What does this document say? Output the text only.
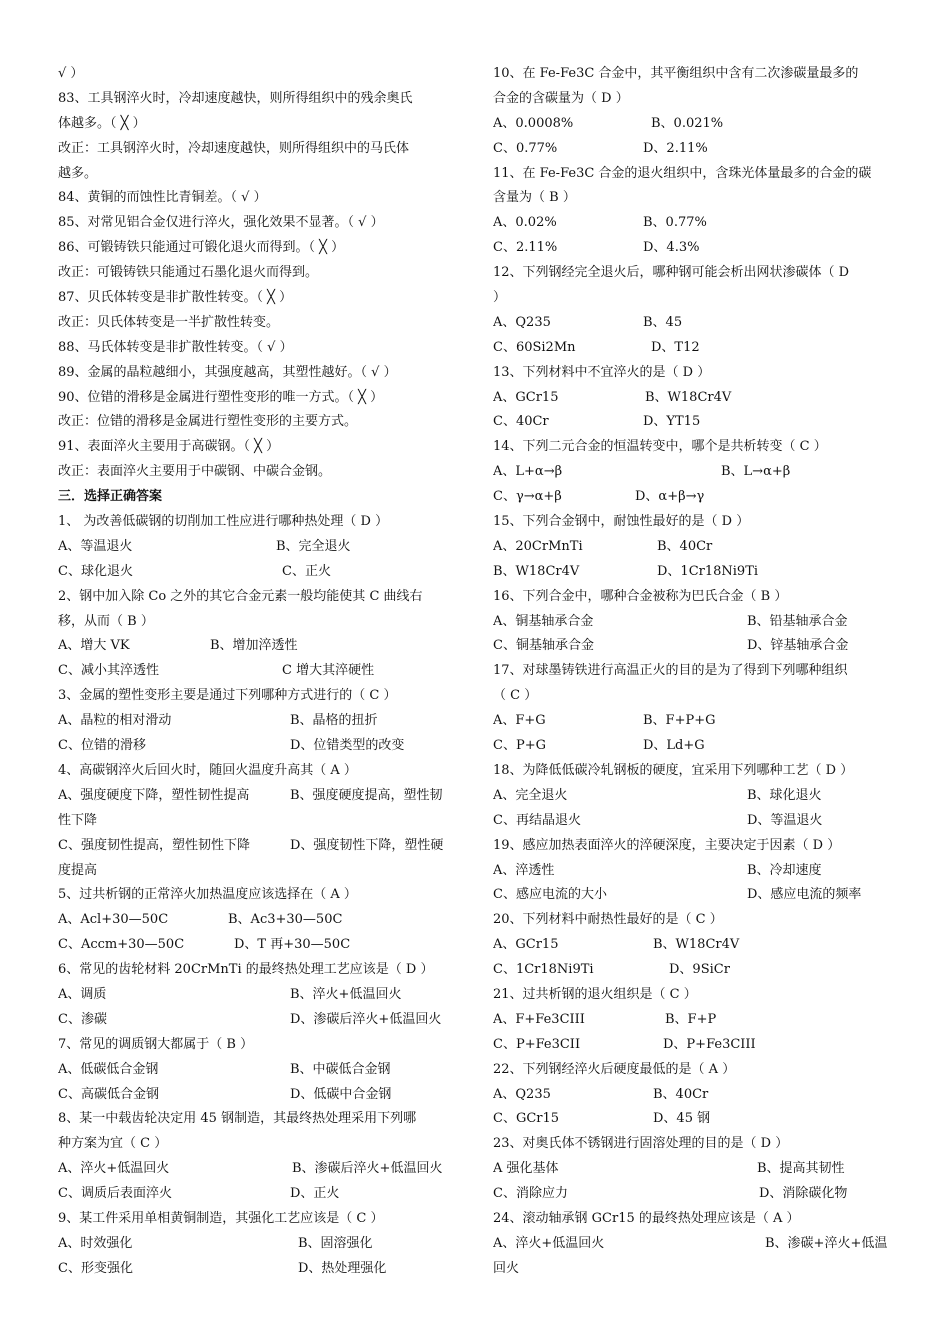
√ ）
83、工具钢淬火时，冷却速度越快，则所得组织中的残余奥氏
体越多。（ ╳ ）
改正：工具钢淬火时，冷却速度越快，则所得组织中的马氏体
越多。
84、黄铜的而蚀性比青铜差。（ √ ）
85、对常见铝合金仅进行淬火，强化效果不显著。（ √ ）
86、可锻铸铁只能通过可锻化退火而得到。（ ╳ ）
改正：可锻铸铁只能通过石墨化退火而得到。
87、贝氏体转变是非扩散性转变。（ ╳ ）
改正：贝氏体转变是一半扩散性转变。
88、马氏体转变是非扩散性转变。（ √ ）
89、金属的晶粒越细小，其强度越高，其塑性越好。（ √ ）
90、位错的滑移是金属进行塑性变形的唯一方式。（ ╳ ）
改正：位错的滑移是金属进行塑性变形的主要方式。
91、表面淬火主要用于高碳钢。（ ╳ ）
改正：表面淬火主要用于中碳钢、中碳合金钢。
三．选择正确答案
1、 为改善低碳钢的切削加工性应进行哪种热处理（ D ）
A、等温退火	B、完全退火
C、球化退火	C、正火
2、钢中加入除 Co 之外的其它合金元素一般均能使其 C 曲线右
移，从而（ B ）
A、增大 VK	B、增加淬透性
C、减小其淬透性	C 增大其淬硬性
3、金属的塑性变形主要是通过下列哪种方式进行的（ C ）
A、晶粒的相对滑动	B、晶格的扭折
C、位错的滑移	D、位错类型的改变
4、高碳钢淬火后回火时，随回火温度升高其（ A ）
A、强度硬度下降，塑性韧性提高	B、强度硬度提高，塑性韧
性下降
C、强度韧性提高，塑性韧性下降	D、强度韧性下降，塑性硬
度提高
5、过共析钢的正常淬火加热温度应该选择在（ A ）
A、Acl+30—50C	B、Ac3+30—50C
C、Accm+30—50C	D、T 再+30—50C
6、常见的齿轮材料 20CrMnTi 的最终热处理工艺应该是（ D ）
A、调质	B、淬火+低温回火
C、渗碳	D、渗碳后淬火+低温回火
7、常见的调质钢大都属于（ B ）
A、低碳低合金钢	B、中碳低合金钢
C、高碳低合金钢	D、低碳中合金钢
8、某一中载齿轮决定用 45 钢制造，其最终热处理采用下列哪
种方案为宜（ C ）
A、淬火+低温回火	B、渗碳后淬火+低温回火
C、调质后表面淬火	D、正火
9、某工件采用单相黄铜制造，其强化工艺应该是（ C ）
A、时效强化	B、固溶强化
C、形变强化	D、热处理强化
10、在 Fe-Fe3C 合金中，其平衡组织中含有二次渗碳量最多的
合金的含碳量为（ D ）
A、0.0008%	B、0.021%
C、0.77%	D、2.11%
11、在 Fe-Fe3C 合金的退火组织中，含珠光体量最多的合金的碳
含量为（ B ）
A、0.02%	B、0.77%
C、2.11%	D、4.3%
12、下列钢经完全退火后，哪种钢可能会析出网状渗碳体（ D
）
A、Q235	B、45
C、60Si2Mn	D、T12
13、下列材料中不宜淬火的是（ D ）
A、GCr15	B、W18Cr4V
C、40Cr	D、YT15
14、下列二元合金的恒温转变中，哪个是共析转变（ C ）
A、L+α→β	B、L→α+β
C、γ→α+β	D、α+β→γ
15、下列合金钢中，耐蚀性最好的是（ D ）
A、20CrMnTi	B、40Cr
B、W18Cr4V	D、1Cr18Ni9Ti
16、下列合金中，哪种合金被称为巴氏合金（ B ）
A、铜基轴承合金	B、铅基轴承合金
C、铜基轴承合金	D、锌基轴承合金
17、对球墨铸铁进行高温正火的目的是为了得到下列哪种组织
（ C ）
A、F+G	B、F+P+G
C、P+G	D、Ld+G
18、为降低低碳冷轧钢板的硬度，宜采用下列哪种工艺（ D ）
A、完全退火	B、球化退火
C、再结晶退火	D、等温退火
19、感应加热表面淬火的淬硬深度，主要决定于因素（ D ）
A、淬透性	B、冷却速度
C、感应电流的大小	D、感应电流的频率
20、下列材料中耐热性最好的是（ C ）
A、GCr15	B、W18Cr4V
C、1Cr18Ni9Ti	D、9SiCr
21、过共析钢的退火组织是（ C ）
A、F+Fe3CIII	B、F+P
C、P+Fe3CII	D、P+Fe3CIII
22、下列钢经淬火后硬度最低的是（ A ）
A、Q235	B、40Cr
C、GCr15	D、45 钢
23、对奥氏体不锈钢进行固溶处理的目的是（ D ）
A 强化基体	B、提高其韧性
C、消除应力	D、消除碳化物
24、滚动轴承钢 GCr15 的最终热处理应该是（ A ）
A、淬火+低温回火	B、渗碳+淬火+低温
回火
